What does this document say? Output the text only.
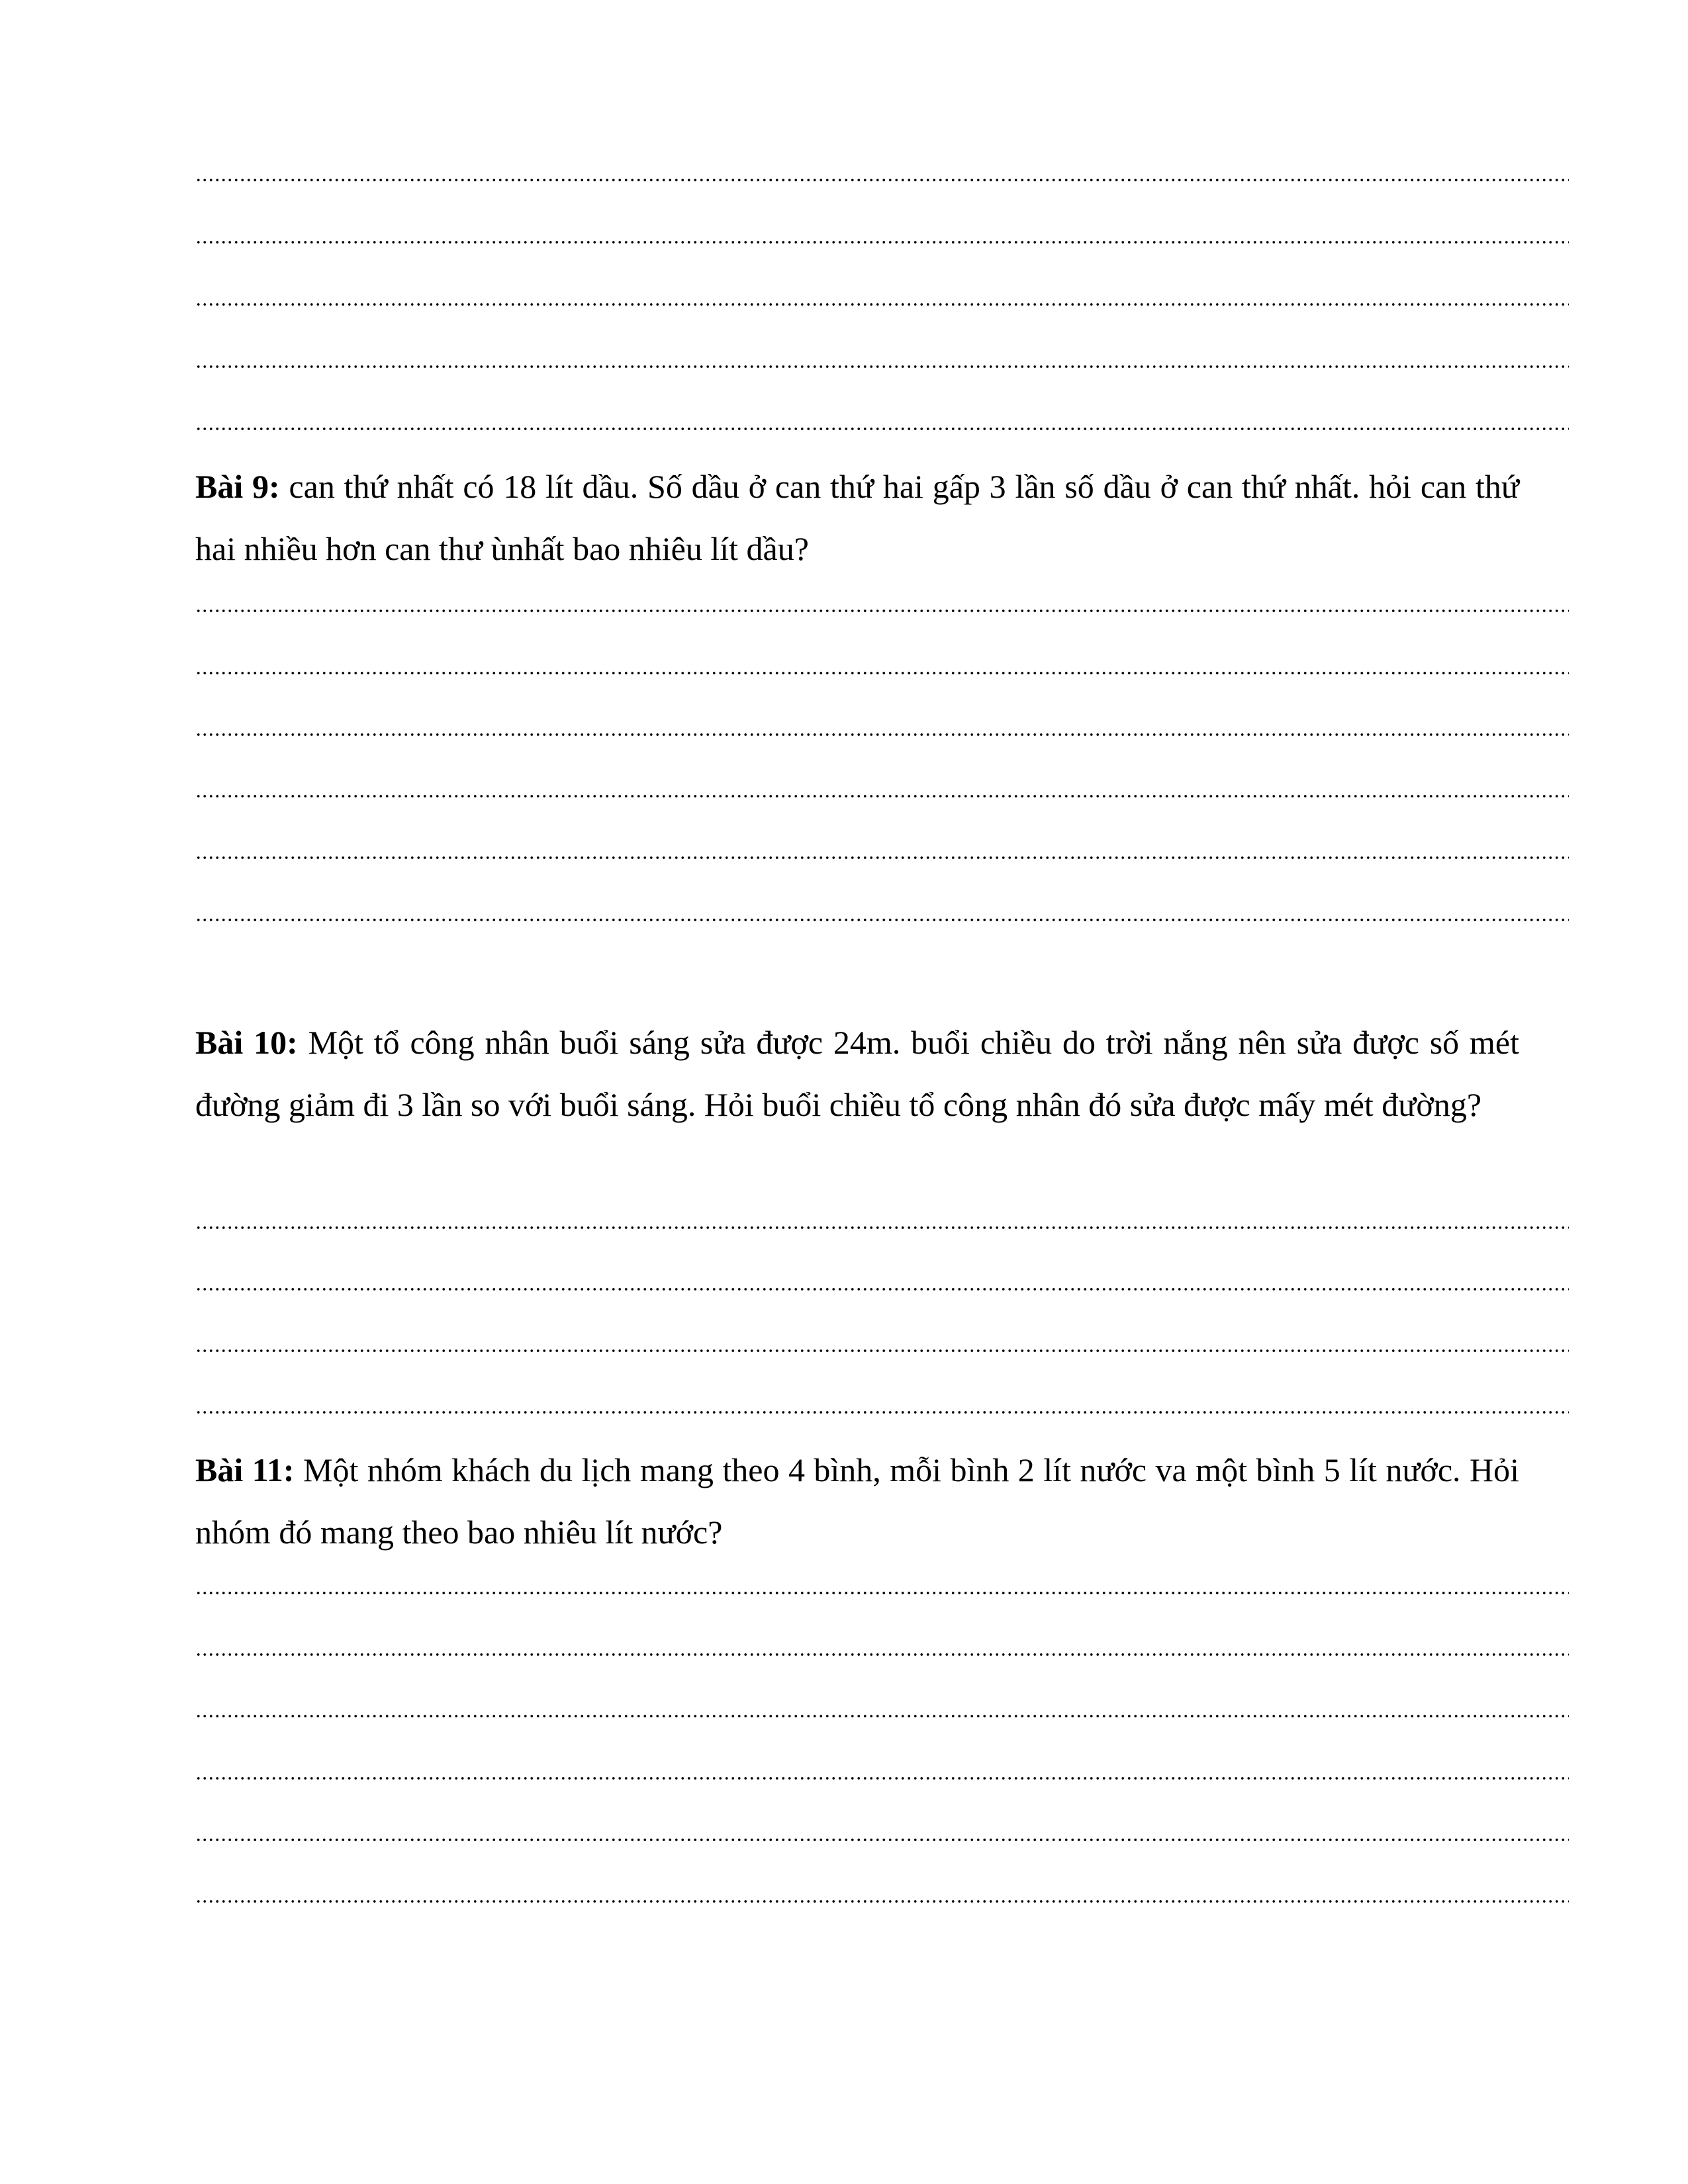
Bài 9: can thứ nhất có 18 lít dầu. Số dầu ở can thứ hai gấp 3 lần số dầu ở can thứ nhất. hỏi can thứ hai nhiều hơn can thư ùnhất bao nhiêu lít dầu?
Bài 10: Một tổ công nhân buổi sáng sửa được 24m. buổi chiều do trời nắng nên sửa được số mét đường giảm đi 3 lần so với buổi sáng. Hỏi buổi chiều tổ công nhân đó sửa được mấy mét đường?
Bài 11: Một nhóm khách du lịch mang theo 4 bình, mỗi bình 2 lít nước va một bình 5 lít nước. Hỏi nhóm đó mang theo bao nhiêu lít nước?
